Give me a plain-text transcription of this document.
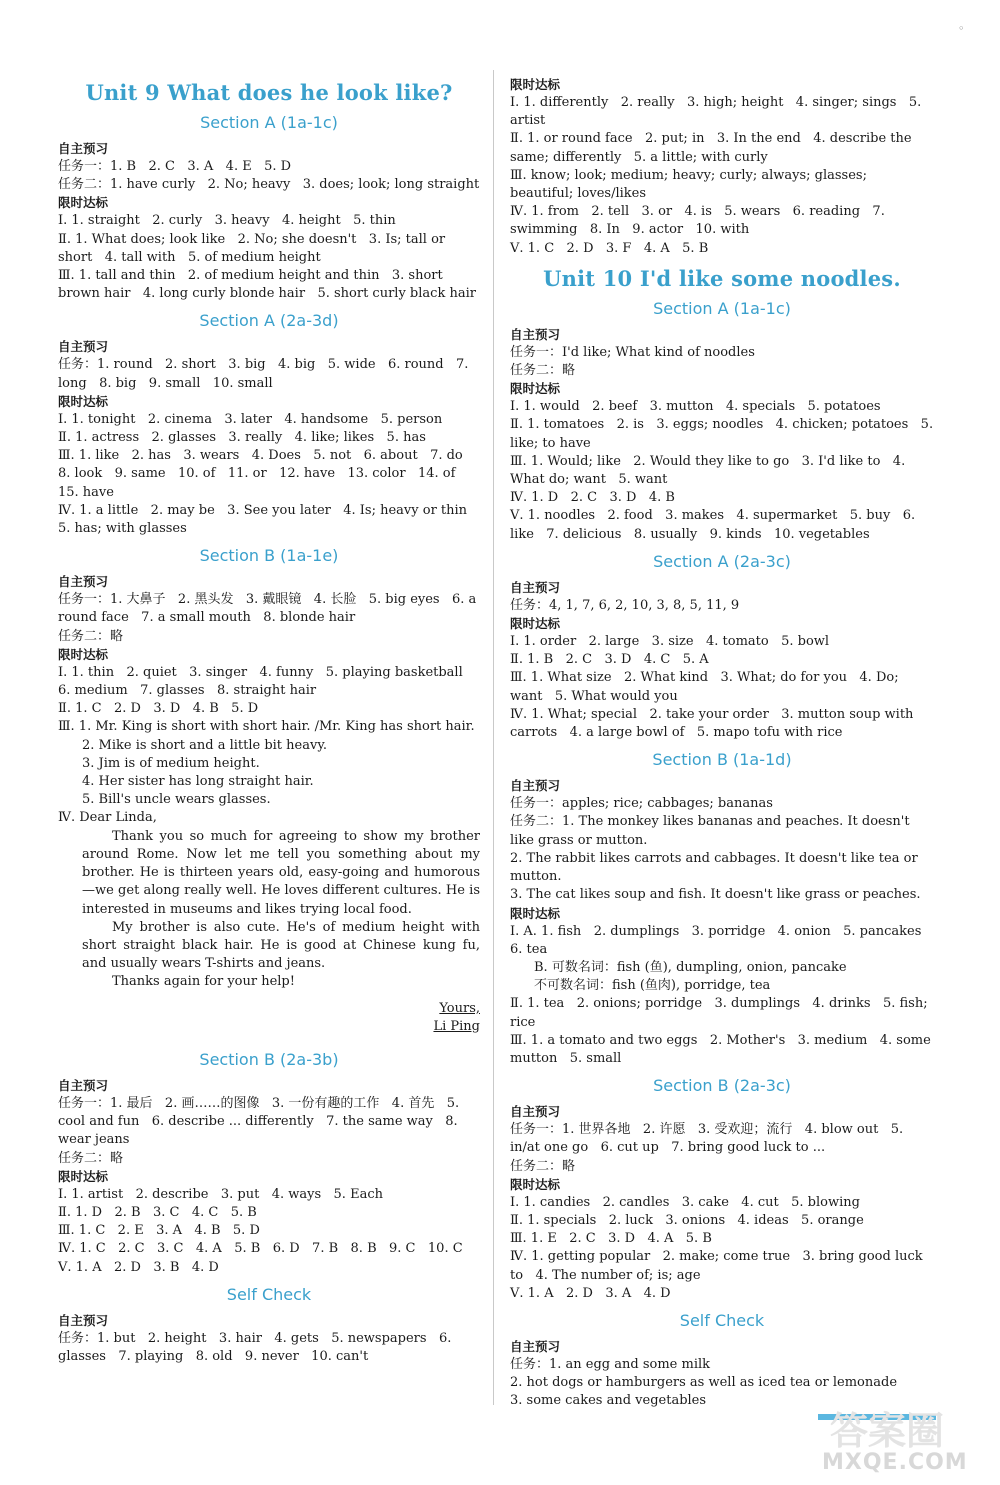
◦
Unit 9 What does he look like?
Section A (1a-1c)
自主预习
任务一：1. B   2. C   3. A   4. E   5. D
任务二：1. have curly   2. No; heavy   3. does; look; long straight
限时达标
Ⅰ. 1. straight   2. curly   3. heavy   4. height   5. thin
Ⅱ. 1. What does; look like   2. No; she doesn't   3. Is; tall or short   4. tall with   5. of medium height
Ⅲ. 1. tall and thin   2. of medium height and thin   3. short brown hair   4. long curly blonde hair   5. short curly black hair
Section A (2a-3d)
自主预习
任务：1. round   2. short   3. big   4. big   5. wide   6. round   7. long   8. big   9. small   10. small
限时达标
Ⅰ. 1. tonight   2. cinema   3. later   4. handsome   5. person
Ⅱ. 1. actress   2. glasses   3. really   4. like; likes   5. has
Ⅲ. 1. like   2. has   3. wears   4. Does   5. not   6. about   7. do   8. look   9. same   10. of   11. or   12. have   13. color   14. of   15. have
Ⅳ. 1. a little   2. may be   3. See you later   4. Is; heavy or thin   5. has; with glasses
Section B (1a-1e)
自主预习
任务一：1. 大鼻子   2. 黑头发   3. 戴眼镜   4. 长脸   5. big eyes   6. a round face   7. a small mouth   8. blonde hair
任务二：略
限时达标
Ⅰ. 1. thin   2. quiet   3. singer   4. funny   5. playing basketball   6. medium   7. glasses   8. straight hair
Ⅱ. 1. C   2. D   3. D   4. B   5. D
Ⅲ. 1. Mr. King is short with short hair. /Mr. King has short hair.
2. Mike is short and a little bit heavy.
3. Jim is of medium height.
4. Her sister has long straight hair.
5. Bill's uncle wears glasses.
Ⅳ. Dear Linda,
Thank you so much for agreeing to show my brother around Rome. Now let me tell you something about my brother. He is thirteen years old, easy-going and humorous—we get along really well. He loves different cultures. He is interested in museums and likes trying local food.
My brother is also cute. He's of medium height with short straight black hair. He is good at Chinese kung fu, and usually wears T-shirts and jeans.
Thanks again for your help!
Yours,
Li Ping
Section B (2a-3b)
自主预习
任务一：1. 最后   2. 画……的图像   3. 一份有趣的工作   4. 首先   5. cool and fun   6. describe ... differently   7. the same way   8. wear jeans
任务二：略
限时达标
Ⅰ. 1. artist   2. describe   3. put   4. ways   5. Each
Ⅱ. 1. D   2. B   3. C   4. C   5. B
Ⅲ. 1. C   2. E   3. A   4. B   5. D
Ⅳ. 1. C   2. C   3. C   4. A   5. B   6. D   7. B   8. B   9. C   10. C
Ⅴ. 1. A   2. D   3. B   4. D
Self Check
自主预习
任务：1. but   2. height   3. hair   4. gets   5. newspapers   6. glasses   7. playing   8. old   9. never   10. can't
限时达标
Ⅰ. 1. differently   2. really   3. high; height   4. singer; sings   5. artist
Ⅱ. 1. or round face   2. put; in   3. In the end   4. describe the same; differently   5. a little; with curly
Ⅲ. know; look; medium; heavy; curly; always; glasses; beautiful; loves/likes
Ⅳ. 1. from   2. tell   3. or   4. is   5. wears   6. reading   7. swimming   8. In   9. actor   10. with
Ⅴ. 1. C   2. D   3. F   4. A   5. B
Unit 10 I'd like some noodles.
Section A (1a-1c)
自主预习
任务一：I'd like; What kind of noodles
任务二：略
限时达标
Ⅰ. 1. would   2. beef   3. mutton   4. specials   5. potatoes
Ⅱ. 1. tomatoes   2. is   3. eggs; noodles   4. chicken; potatoes   5. like; to have
Ⅲ. 1. Would; like   2. Would they like to go   3. I'd like to   4. What do; want   5. want
Ⅳ. 1. D   2. C   3. D   4. B
Ⅴ. 1. noodles   2. food   3. makes   4. supermarket   5. buy   6. like   7. delicious   8. usually   9. kinds   10. vegetables
Section A (2a-3c)
自主预习
任务：4, 1, 7, 6, 2, 10, 3, 8, 5, 11, 9
限时达标
Ⅰ. 1. order   2. large   3. size   4. tomato   5. bowl
Ⅱ. 1. B   2. C   3. D   4. C   5. A
Ⅲ. 1. What size   2. What kind   3. What; do for you   4. Do; want   5. What would you
Ⅳ. 1. What; special   2. take your order   3. mutton soup with carrots   4. a large bowl of   5. mapo tofu with rice
Section B (1a-1d)
自主预习
任务一：apples; rice; cabbages; bananas
任务二：1. The monkey likes bananas and peaches. It doesn't like grass or mutton.
2. The rabbit likes carrots and cabbages. It doesn't like tea or mutton.
3. The cat likes soup and fish. It doesn't like grass or peaches.
限时达标
Ⅰ. A. 1. fish   2. dumplings   3. porridge   4. onion   5. pancakes   6. tea
B. 可数名词：fish (鱼), dumpling, onion, pancake
不可数名词：fish (鱼肉), porridge, tea
Ⅱ. 1. tea   2. onions; porridge   3. dumplings   4. drinks   5. fish; rice
Ⅲ. 1. a tomato and two eggs   2. Mother's   3. medium   4. some mutton   5. small
Section B (2a-3c)
自主预习
任务一：1. 世界各地   2. 许愿   3. 受欢迎；流行   4. blow out   5. in/at one go   6. cut up   7. bring good luck to ...
任务二：略
限时达标
Ⅰ. 1. candies   2. candles   3. cake   4. cut   5. blowing
Ⅱ. 1. specials   2. luck   3. onions   4. ideas   5. orange
Ⅲ. 1. E   2. C   3. D   4. A   5. B
Ⅳ. 1. getting popular   2. make; come true   3. bring good luck to   4. The number of; is; age
Ⅴ. 1. A   2. D   3. A   4. D
Self Check
自主预习
任务：1. an egg and some milk
2. hot dogs or hamburgers as well as iced tea or lemonade
3. some cakes and vegetables
答案圈
MXQE.COM
